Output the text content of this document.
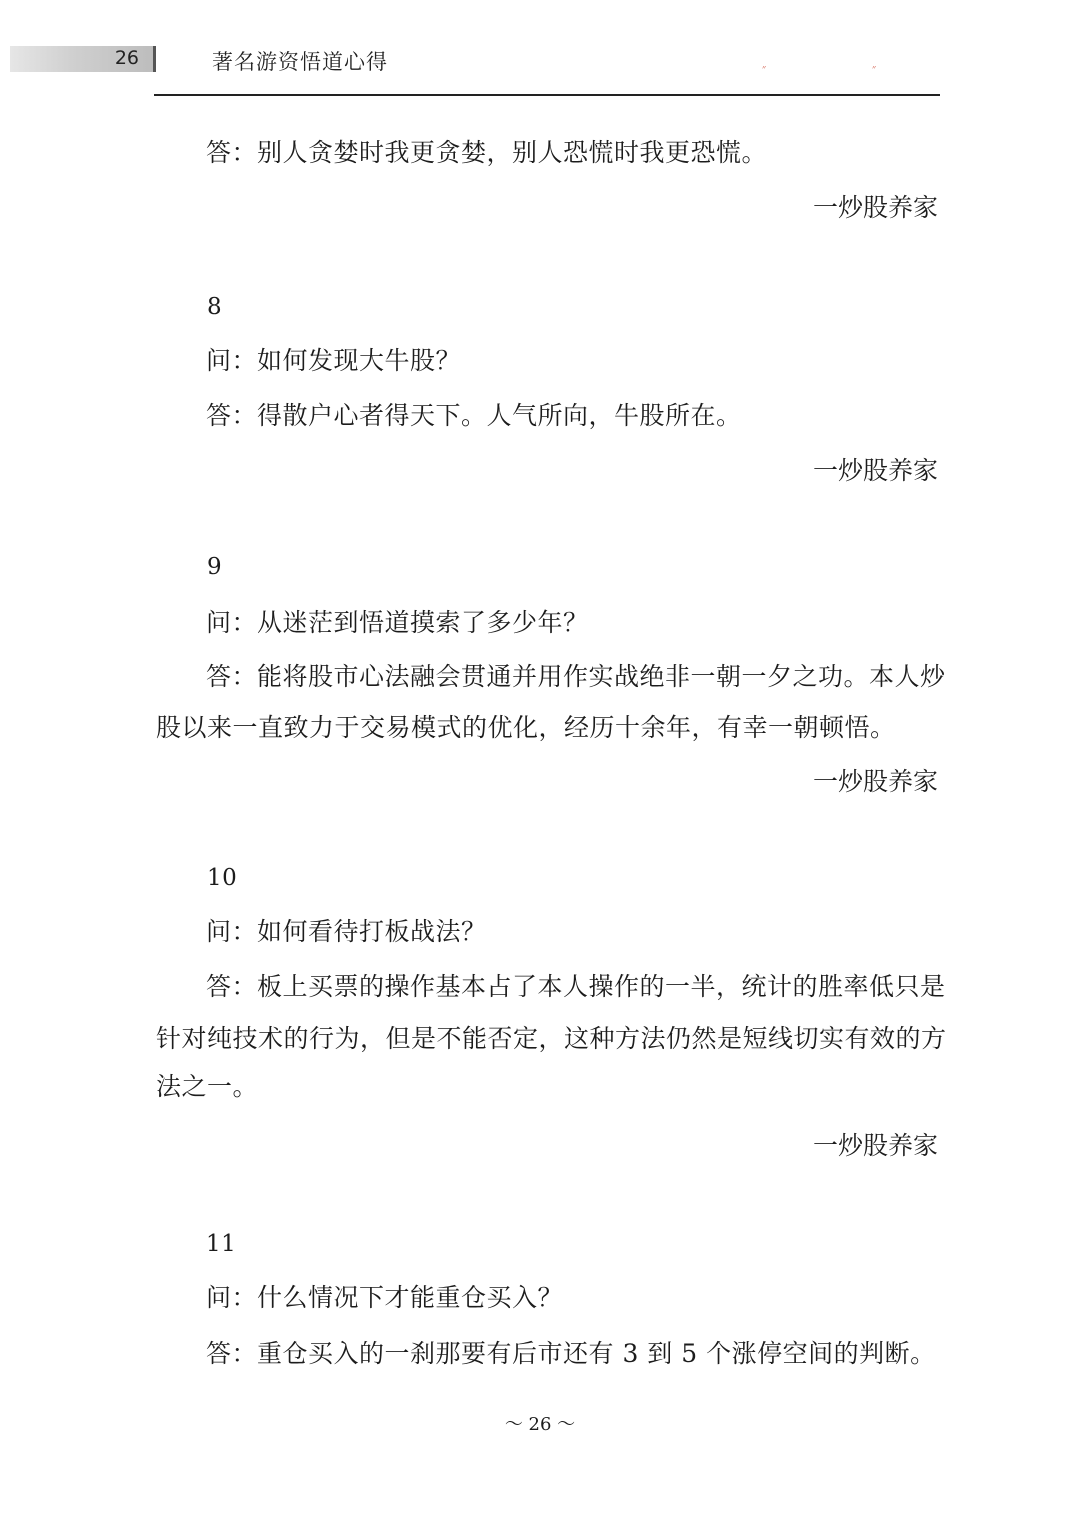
26	著名游资悟道心得	״	״
答：别人贪婪时我更贪婪，别人恐慌时我更恐慌。
一炒股养家
8
问：如何发现大牛股？
答：得散户心者得天下。人气所向，牛股所在。
一炒股养家
9
问：从迷茫到悟道摸索了多少年？
答：能将股市心法融会贯通并用作实战绝非一朝一夕之功。本人炒
股以来一直致力于交易模式的优化，经历十余年，有幸一朝顿悟。
一炒股养家
10
问：如何看待打板战法？
答：板上买票的操作基本占了本人操作的一半，统计的胜率低只是
针对纯技术的行为，但是不能否定，这种方法仍然是短线切实有效的方
法之一。
一炒股养家
11
问：什么情况下才能重仓买入？
答：重仓买入的一刹那要有后市还有 3 到 5 个涨停空间的判断。
～ 26 ～
